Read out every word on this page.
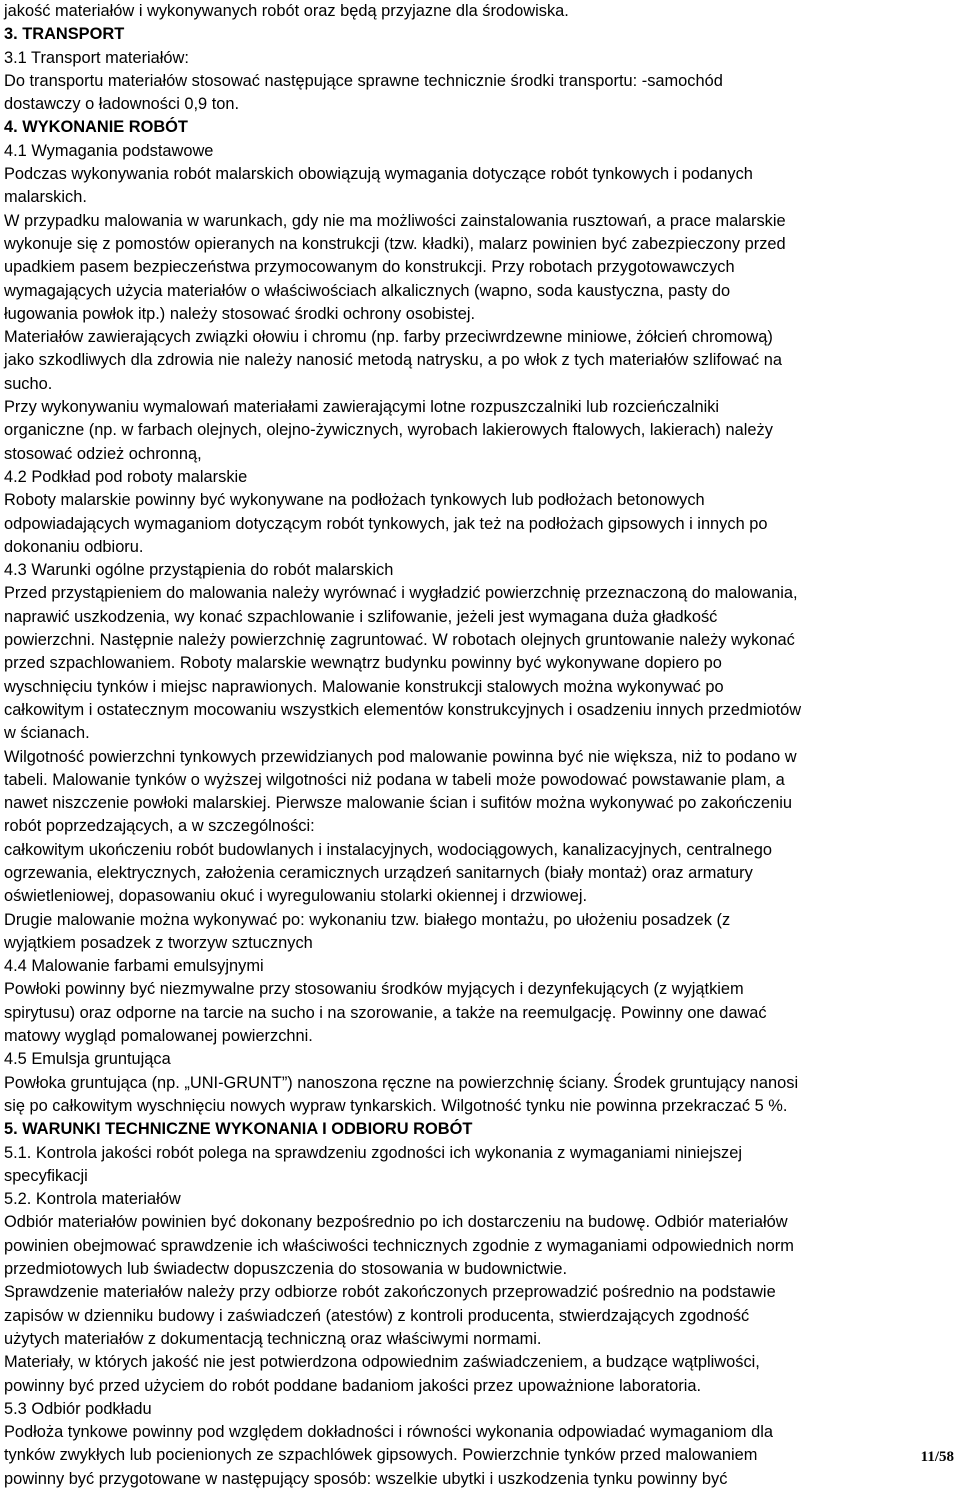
jakość materiałów i wykonywanych robót oraz będą przyjazne dla środowiska.
3. TRANSPORT
3.1 Transport materiałów:
Do transportu materiałów stosować następujące sprawne technicznie środki transportu: -samochód
dostawczy o ładowności 0,9 ton.
4. WYKONANIE ROBÓT
4.1 Wymagania podstawowe
Podczas wykonywania robót malarskich obowiązują wymagania dotyczące robót tynkowych i podanych
malarskich.
W przypadku malowania w warunkach, gdy nie ma możliwości zainstalowania rusztowań, a prace malarskie
wykonuje się z pomostów opieranych na konstrukcji (tzw. kładki), malarz powinien być zabezpieczony przed
upadkiem pasem bezpieczeństwa przymocowanym do konstrukcji. Przy robotach przygotowawczych
wymagających użycia materiałów o właściwościach alkalicznych (wapno, soda kaustyczna, pasty do
ługowania powłok itp.) należy stosować środki ochrony osobistej.
Materiałów zawierających związki ołowiu i chromu (np. farby przeciwrdzewne miniowe, żółcień chromową)
jako szkodliwych dla zdrowia nie należy nanosić metodą natrysku, a po włok z tych materiałów szlifować na
sucho.
Przy wykonywaniu wymalowań materiałami zawierającymi lotne rozpuszczalniki lub rozcieńczalniki
organiczne (np. w farbach olejnych, olejno-żywicznych, wyrobach lakierowych ftalowych, lakierach) należy
stosować odzież ochronną,
4.2 Podkład pod roboty malarskie
Roboty malarskie powinny być wykonywane na podłożach tynkowych lub podłożach betonowych
odpowiadających wymaganiom dotyczącym robót tynkowych, jak też na podłożach gipsowych i innych po
dokonaniu odbioru.
4.3 Warunki ogólne przystąpienia do robót malarskich
Przed przystąpieniem do malowania należy wyrównać i wygładzić powierzchnię przeznaczoną do malowania,
naprawić uszkodzenia, wy konać szpachlowanie i szlifowanie, jeżeli jest wymagana duża gładkość
powierzchni. Następnie należy powierzchnię zagruntować. W robotach olejnych gruntowanie należy wykonać
przed szpachlowaniem. Roboty malarskie wewnątrz budynku powinny być wykonywane dopiero po
wyschnięciu tynków i miejsc naprawionych. Malowanie konstrukcji stalowych można wykonywać po
całkowitym i ostatecznym mocowaniu wszystkich elementów konstrukcyjnych i osadzeniu innych przedmiotów
w ścianach.
Wilgotność powierzchni tynkowych przewidzianych pod malowanie powinna być nie większa, niż to podano w
tabeli. Malowanie tynków o wyższej wilgotności niż podana w tabeli może powodować powstawanie plam, a
nawet niszczenie powłoki malarskiej. Pierwsze malowanie ścian i sufitów można wykonywać po zakończeniu
robót poprzedzających, a w szczególności:
całkowitym ukończeniu robót budowlanych i instalacyjnych, wodociągowych, kanalizacyjnych, centralnego
ogrzewania, elektrycznych, założenia ceramicznych urządzeń sanitarnych (biały montaż) oraz armatury
oświetleniowej, dopasowaniu okuć i wyregulowaniu stolarki okiennej i drzwiowej.
Drugie malowanie można wykonywać po: wykonaniu tzw. białego montażu, po ułożeniu posadzek (z
wyjątkiem posadzek z tworzyw sztucznych
4.4 Malowanie farbami emulsyjnymi
Powłoki powinny być niezmywalne przy stosowaniu środków myjących i dezynfekujących (z wyjątkiem
spirytusu) oraz odporne na tarcie na sucho i na szorowanie, a także na reemulgację. Powinny one dawać
matowy wygląd pomalowanej powierzchni.
4.5 Emulsja gruntująca
Powłoka gruntująca (np. „UNI-GRUNT”) nanoszona ręczne na powierzchnię ściany. Środek gruntujący nanosi
się po całkowitym wyschnięciu nowych wypraw tynkarskich. Wilgotność tynku nie powinna przekraczać 5 %.
5. WARUNKI TECHNICZNE WYKONANIA I ODBIORU ROBÓT
5.1. Kontrola jakości robót polega na sprawdzeniu zgodności ich wykonania z wymaganiami niniejszej
specyfikacji
5.2. Kontrola materiałów
Odbiór materiałów powinien być dokonany bezpośrednio po ich dostarczeniu na budowę. Odbiór materiałów
powinien obejmować sprawdzenie ich właściwości technicznych zgodnie z wymaganiami odpowiednich norm
przedmiotowych lub świadectw dopuszczenia do stosowania w budownictwie.
Sprawdzenie materiałów należy przy odbiorze robót zakończonych przeprowadzić pośrednio na podstawie
zapisów w dzienniku budowy i zaświadczeń (atestów) z kontroli producenta, stwierdzających zgodność
użytych materiałów z dokumentacją techniczną oraz właściwymi normami.
Materiały, w których jakość nie jest potwierdzona odpowiednim zaświadczeniem, a budzące wątpliwości,
powinny być przed użyciem do robót poddane badaniom jakości przez upoważnione laboratoria.
5.3 Odbiór podkładu
Podłoża tynkowe powinny pod względem dokładności i równości wykonania odpowiadać wymaganiom dla
tynków zwykłych lub pocienionych ze szpachlówek gipsowych. Powierzchnie tynków przed malowaniem
powinny być przygotowane w następujący sposób: wszelkie ubytki i uszkodzenia tynku powinny być
11/58
